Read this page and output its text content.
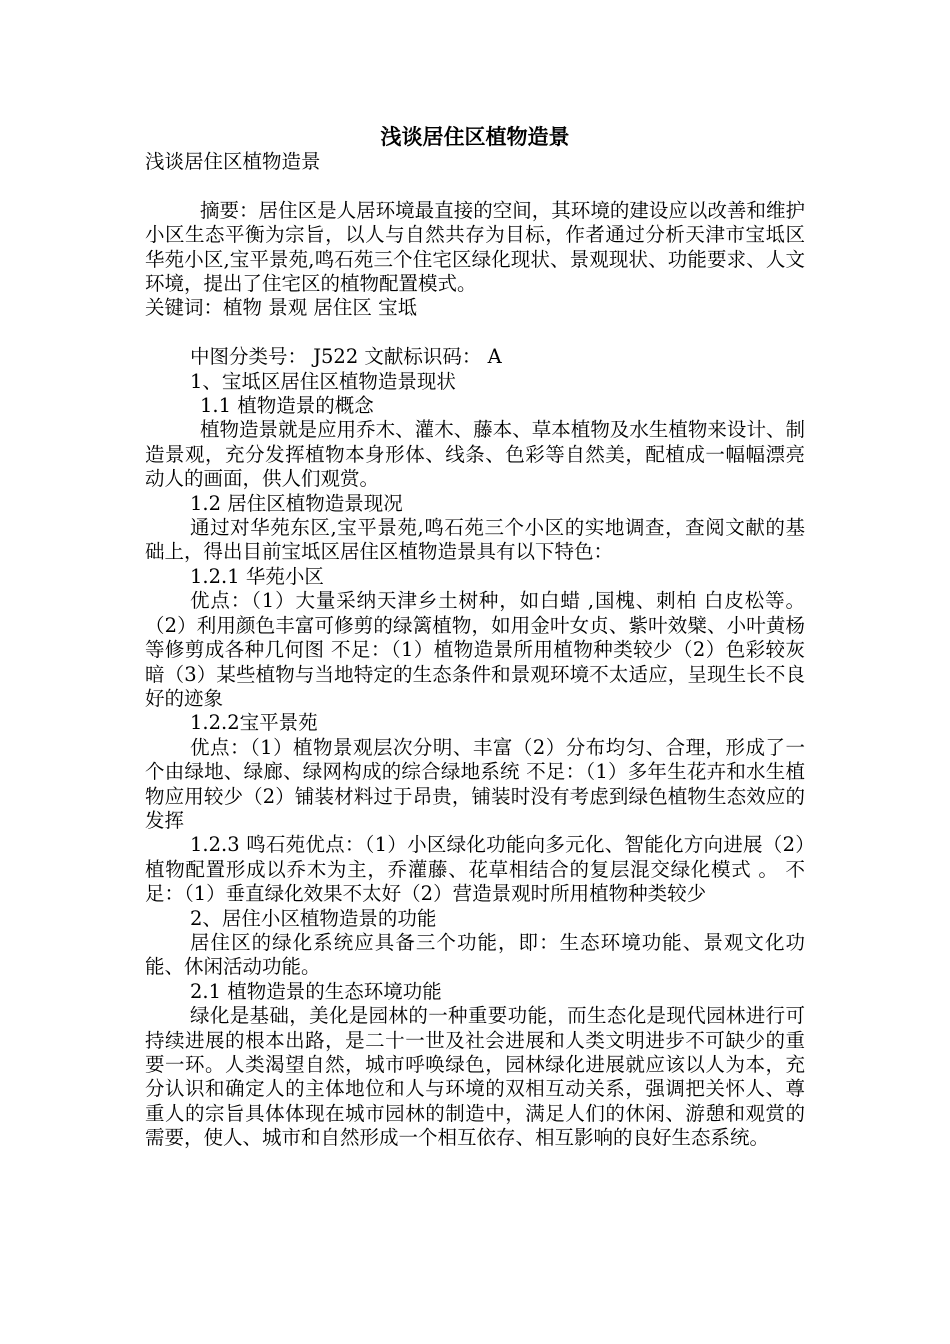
浅谈居住区植物造景

浅谈居住区植物造景

摘要：居住区是人居环境最直接的空间，其环境的建设应以改善和维护小区生态平衡为宗旨，以人与自然共存为目标，作者通过分析天津市宝坻区华苑小区,宝平景苑,鸣石苑三个住宅区绿化现状、景观现状、功能要求、人文环境，提出了住宅区的植物配置模式。

关键词：植物 景观 居住区 宝坻

中图分类号： J522 文献标识码： A

1、宝坻区居住区植物造景现状

1.1 植物造景的概念

植物造景就是应用乔木、灌木、藤本、草本植物及水生植物来设计、制造景观，充分发挥植物本身形体、线条、色彩等自然美，配植成一幅幅漂亮动人的画面，供人们观赏。

1.2 居住区植物造景现况

通过对华苑东区,宝平景苑,鸣石苑三个小区的实地调查，查阅文献的基础上，得出目前宝坻区居住区植物造景具有以下特色：

1.2.1 华苑小区

优点：（1）大量采纳天津乡土树种，如白蜡 ,国槐、刺柏 白皮松等。（2）利用颜色丰富可修剪的绿篱植物，如用金叶女贞、紫叶效檗、小叶黄杨等修剪成各种几何图 不足：（1）植物造景所用植物种类较少（2）色彩较灰暗（3）某些植物与当地特定的生态条件和景观环境不太适应，呈现生长不良好的迹象

1.2.2宝平景苑

优点：（1）植物景观层次分明、丰富（2）分布均匀、合理，形成了一个由绿地、绿廊、绿网构成的综合绿地系统 不足：（1）多年生花卉和水生植物应用较少（2）铺装材料过于昂贵，铺装时没有考虑到绿色植物生态效应的发挥

1.2.3 鸣石苑优点：（1）小区绿化功能向多元化、智能化方向进展（2）植物配置形成以乔木为主，乔灌藤、花草相结合的复层混交绿化模式 。 不足：（1）垂直绿化效果不太好（2）营造景观时所用植物种类较少

2、居住小区植物造景的功能

居住区的绿化系统应具备三个功能，即：生态环境功能、景观文化功能、休闲活动功能。

2.1 植物造景的生态环境功能

绿化是基础，美化是园林的一种重要功能，而生态化是现代园林进行可持续进展的根本出路，是二十一世及社会进展和人类文明进步不可缺少的重要一环。人类渴望自然，城市呼唤绿色，园林绿化进展就应该以人为本，充分认识和确定人的主体地位和人与环境的双相互动关系，强调把关怀人、尊重人的宗旨具体体现在城市园林的制造中，满足人们的休闲、游憩和观赏的需要，使人、城市和自然形成一个相互依存、相互影响的良好生态系统。
